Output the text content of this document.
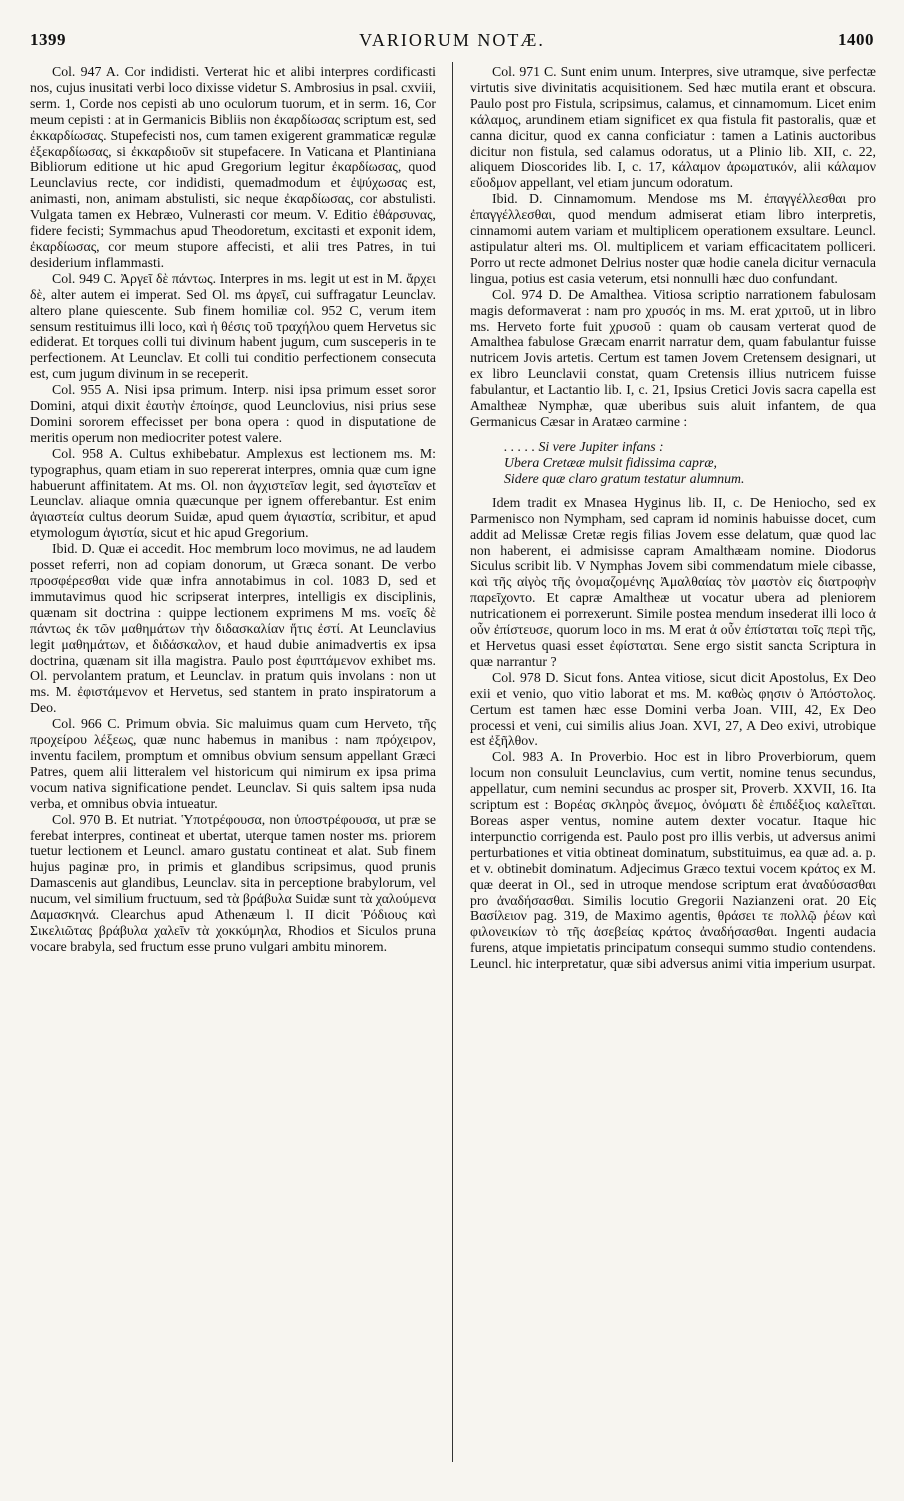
1399	VARIORUM NOTÆ.	1400

Col. 947 A. Cor indidisti. Verterat hic et alibi interpres cordificasti nos, cujus inusitati verbi loco dixisse videtur S. Ambrosius in psal. cxviii, serm. 1, Corde nos cepisti ab uno oculorum tuorum, et in serm. 16, Cor meum cepisti : at in Germanicis Bibliis non ἐκαρδίωσας scriptum est, sed ἐκκαρδίωσας. Stupefecisti nos, cum tamen exigerent grammaticæ regulæ ἐξεκαρδίωσας, si ἐκκαρδιοῦν sit stupefacere. In Vaticana et Plantiniana Bibliorum editione ut hic apud Gregorium legitur ἐκαρδίωσας, quod Leunclavius recte, cor indidisti, quemadmodum et ἐψύχωσας est, animasti, non, animam abstulisti, sic neque ἐκαρδίωσας, cor abstulisti. Vulgata tamen ex Hebræo, Vulnerasti cor meum. V. Editio ἐθάρσυνας, fidere fecisti; Symmachus apud Theodoretum, excitasti et exponit idem, ἐκαρδίωσας, cor meum stupore affecisti, et alii tres Patres, in tui desiderium inflammasti.

Col. 949 C. Ἀργεῖ δὲ πάντως. Interpres in ms. legit ut est in M. ἄρχει δὲ, alter autem ei imperat. Sed Ol. ms ἀργεῖ, cui suffragatur Leunclav. altero plane quiescente. Sub finem homiliæ col. 952 C, verum item sensum restituimus illi loco, καὶ ἡ θέσις τοῦ τραχήλου quem Hervetus sic ediderat. Et torques colli tui divinum habent jugum, cum susceperis in te perfectionem. At Leunclav. Et colli tui conditio perfectionem consecuta est, cum jugum divinum in se receperit.

Col. 955 A. Nisi ipsa primum. Interp. nisi ipsa primum esset soror Domini, atqui dixit ἑαυτὴν ἐποίησε, quod Leunclovius, nisi prius sese Domini sororem effecisset per bona opera : quod in disputatione de meritis operum non mediocriter potest valere.

Col. 958 A. Cultus exhibebatur. Amplexus est lectionem ms. M: typographus, quam etiam in suo repererat interpres, omnia quæ cum igne habuerunt affinitatem. At ms. Ol. non ἀγχιστεῖαν legit, sed ἁγιστεῖαν et Leunclav. aliaque omnia quæcunque per ignem offerebantur. Est enim ἁγιαστεία cultus deorum Suidæ, apud quem ἁγιαστία, scribitur, et apud etymologum ἁγιστία, sicut et hic apud Gregorium.

Ibid. D. Quæ ei accedit. Hoc membrum loco movimus, ne ad laudem posset referri, non ad copiam donorum, ut Græca sonant. De verbo προσφέρεσθαι vide quæ infra annotabimus in col. 1083 D, sed et immutavimus quod hic scripserat interpres, intelligis ex disciplinis, quænam sit doctrina : quippe lectionem exprimens M ms. νοεῖς δὲ πάντως ἐκ τῶν μαθημάτων τὴν διδασκαλίαν ἥτις ἐστί. At Leunclavius legit μαθημάτων, et διδάσκαλον, et haud dubie animadvertis ex ipsa doctrina, quænam sit illa magistra. Paulo post ἐφιπτάμενον exhibet ms. Ol. pervolantem pratum, et Leunclav. in pratum quis involans : non ut ms. M. ἐφιστάμενον et Hervetus, sed stantem in prato inspiratorum a Deo.

Col. 966 C. Primum obvia. Sic maluimus quam cum Herveto, τῆς προχείρου λέξεως, quæ nunc habemus in manibus : nam πρόχειρον, inventu facilem, promptum et omnibus obvium sensum appellant Græci Patres, quem alii litteralem vel historicum qui nimirum ex ipsa prima vocum nativa significatione pendet. Leunclav. Si quis saltem ipsa nuda verba, et omnibus obvia intueatur.

Col. 970 B. Et nutriat. Ὑποτρέφουσα, non ὑποστρέφουσα, ut præ se ferebat interpres, contineat et ubertat, uterque tamen noster ms. priorem tuetur lectionem et Leuncl. amaro gustatu contineat et alat. Sub finem hujus paginæ pro, in primis et glandibus scripsimus, quod prunis Damascenis aut glandibus, Leunclav. sita in perceptione brabylorum, vel nucum, vel similium fructuum, sed τὰ βράβυλα Suidæ sunt τὰ χαλούμενα Δαμασκηνά. Clearchus apud Athenæum l. II dicit Ῥόδιους καὶ Σικελιῶτας βράβυλα χαλεῖν τὰ χοκκύμηλα, Rhodios et Siculos pruna vocare brabyla, sed fructum esse pruno vulgari ambitu minorem.

Col. 971 C. Sunt enim unum. Interpres, sive utramque, sive perfectæ virtutis sive divinitatis acquisitionem. Sed hæc mutila erant et obscura. Paulo post pro Fistula, scripsimus, calamus, et cinnamomum. Licet enim κάλαμος, arundinem etiam significet ex qua fistula fit pastoralis, quæ et canna dicitur, quod ex canna conficiatur : tamen a Latinis auctoribus dicitur non fistula, sed calamus odoratus, ut a Plinio lib. XII, c. 22, aliquem Dioscorides lib. I, c. 17, κάλαμον ἀρωματικόν, alii κάλαμον εὔοδμον appellant, vel etiam juncum odoratum.

Ibid. D. Cinnamomum. Mendose ms M. ἐπαγγέλλεσθαι pro ἐπαγγέλλεσθαι, quod mendum admiserat etiam libro interpretis, cinnamomi autem variam et multiplicem operationem exsultare. Leuncl. astipulatur alteri ms. Ol. multiplicem et variam efficacitatem polliceri. Porro ut recte admonet Delrius noster quæ hodie canela dicitur vernacula lingua, potius est casia veterum, etsi nonnulli hæc duo confundant.

Col. 974 D. De Amalthea. Vitiosa scriptio narrationem fabulosam magis deformaverat : nam pro χρυσός in ms. M. erat χριτοῦ, ut in libro ms. Herveto forte fuit χρυσοῦ : quam ob causam verterat quod de Amalthea fabulose Græcam enarrit narratur dem, quam fabulantur fuisse nutricem Jovis artetis. Certum est tamen Jovem Cretensem designari, ut ex libro Leunclavii constat, quam Cretensis illius nutricem fuisse fabulantur, et Lactantio lib. I, c. 21, Ipsius Cretici Jovis sacra capella est Amaltheæ Nymphæ, quæ uberibus suis aluit infantem, de qua Germanicus Cæsar in Aratæo carmine :

. . . . . Si vere Jupiter infans :
Ubera Cretææ mulsit fidissima capræ,
Sidere quæ claro gratum testatur alumnum.

Idem tradit ex Mnasea Hyginus lib. II, c. De Heniocho, sed ex Parmenisco non Nympham, sed capram id nominis habuisse docet, cum addit ad Melissæ Cretæ regis filias Jovem esse delatum, quæ quod lac non haberent, ei admisisse capram Amalthæam nomine. Diodorus Siculus scribit lib. V Nymphas Jovem sibi commendatum miele cibasse, καὶ τῆς αἰγὸς τῆς ὀνομαζομένης Ἀμαλθαίας τὸν μαστὸν εἰς διατροφὴν παρεῖχοντο. Et capræ Amaltheæ ut vocatur ubera ad pleniorem nutricationem ei porrexerunt. Simile postea mendum insederat illi loco ἀ οὖν ἐπίστευσε, quorum loco in ms. M erat ἀ οὖν ἐπίσταται τοῖς περὶ τῆς, et Hervetus quasi esset ἐφίσταται. Sene ergo sistit sancta Scriptura in quæ narrantur ?

Col. 978 D. Sicut fons. Antea vitiose, sicut dicit Apostolus, Ex Deo exii et venio, quo vitio laborat et ms. M. καθὼς φησιν ὁ Ἀπόστολος. Certum est tamen hæc esse Domini verba Joan. VIII, 42, Ex Deo processi et veni, cui similis alius Joan. XVI, 27, A Deo exivi, utrobique est ἐξῆλθον.

Col. 983 A. In Proverbio. Hoc est in libro Proverbiorum, quem locum non consuluit Leunclavius, cum vertit, nomine tenus secundus, appellatur, cum nemini secundus ac prosper sit, Proverb. XXVII, 16. Ita scriptum est : Βορέας σκληρὸς ἄνεμος, ὀνόματι δὲ ἐπιδέξιος καλεῖται. Boreas asper ventus, nomine autem dexter vocatur. Itaque hic interpunctio corrigenda est. Paulo post pro illis verbis, ut adversus animi perturbationes et vitia obtineat dominatum, substituimus, ea quæ ad. a. p. et v. obtinebit dominatum. Adjecimus Græco textui vocem κράτος ex M. quæ deerat in Ol., sed in utroque mendose scriptum erat ἀναδύσασθαι pro ἀναδήσασθαι. Similis locutio Gregorii Nazianzeni orat. 20 Εἰς Βασίλειον pag. 319, de Maximo agentis, θράσει τε πολλῷ ῥέων καὶ φιλονεικίων τὸ τῆς ἀσεβείας κράτος ἀναδήσασθαι. Ingenti audacia furens, atque impietatis principatum consequi summo studio contendens. Leuncl. hic interpretatur, quæ sibi adversus animi vitia imperium usurpat.
